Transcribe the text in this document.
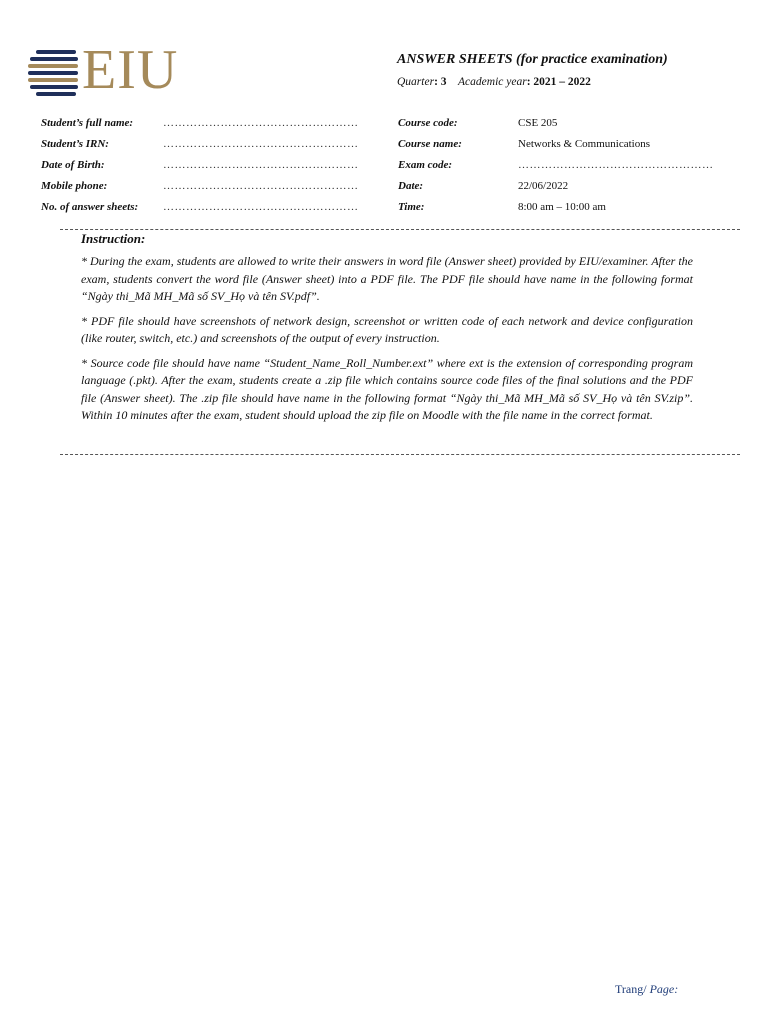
EIU	ANSWER SHEETS (for practice examination)
Quarter: 3 Academic year: 2021 – 2022
Student’s full name:	……………………………………………	Course code:	CSE 205
Student’s IRN:	……………………………………………	Course name:	Networks & Communications
Date of Birth:	……………………………………………	Exam code:	……………………………………………
Mobile phone:	……………………………………………	Date:	22/06/2022
No. of answer sheets: ……………………………………………	Time:	8:00 am – 10:00 am
Instruction:

* During the exam, students are allowed to write their answers in word file (Answer sheet) provided by EIU/examiner. After the exam, students convert the word file (Answer sheet) into a PDF file. The PDF file should have name in the following format “Ngày thi_Mã MH_Mã số SV_Họ và tên SV.pdf”.

* PDF file should have screenshots of network design, screenshot or written code of each network and device configuration (like router, switch, etc.) and screenshots of the output of every instruction.

* Source code file should have name “Student_Name_Roll_Number.ext” where ext is the extension of corresponding program language (.pkt). After the exam, students create a .zip file which contains source code files of the final solutions and the PDF file (Answer sheet). The .zip file should have name in the following format “Ngày thi_Mã MH_Mã số SV_Họ và tên SV.zip”. Within 10 minutes after the exam, student should upload the zip file on Moodle with the file name in the correct format.

Trang/ Page:
